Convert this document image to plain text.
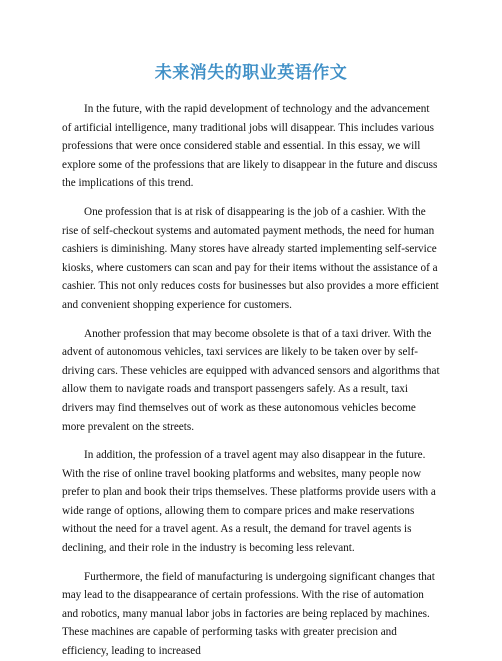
未来消失的职业英语作文

In the future, with the rapid development of technology and the advancement of artificial intelligence, many traditional jobs will disappear. This includes various professions that were once considered stable and essential. In this essay, we will explore some of the professions that are likely to disappear in the future and discuss the implications of this trend.

One profession that is at risk of disappearing is the job of a cashier. With the rise of self-checkout systems and automated payment methods, the need for human cashiers is diminishing. Many stores have already started implementing self-service kiosks, where customers can scan and pay for their items without the assistance of a cashier. This not only reduces costs for businesses but also provides a more efficient and convenient shopping experience for customers.

Another profession that may become obsolete is that of a taxi driver. With the advent of autonomous vehicles, taxi services are likely to be taken over by self-driving cars. These vehicles are equipped with advanced sensors and algorithms that allow them to navigate roads and transport passengers safely. As a result, taxi drivers may find themselves out of work as these autonomous vehicles become more prevalent on the streets.

In addition, the profession of a travel agent may also disappear in the future. With the rise of online travel booking platforms and websites, many people now prefer to plan and book their trips themselves. These platforms provide users with a wide range of options, allowing them to compare prices and make reservations without the need for a travel agent. As a result, the demand for travel agents is declining, and their role in the industry is becoming less relevant.

Furthermore, the field of manufacturing is undergoing significant changes that may lead to the disappearance of certain professions. With the rise of automation and robotics, many manual labor jobs in factories are being replaced by machines. These machines are capable of performing tasks with greater precision and efficiency, leading to increased
